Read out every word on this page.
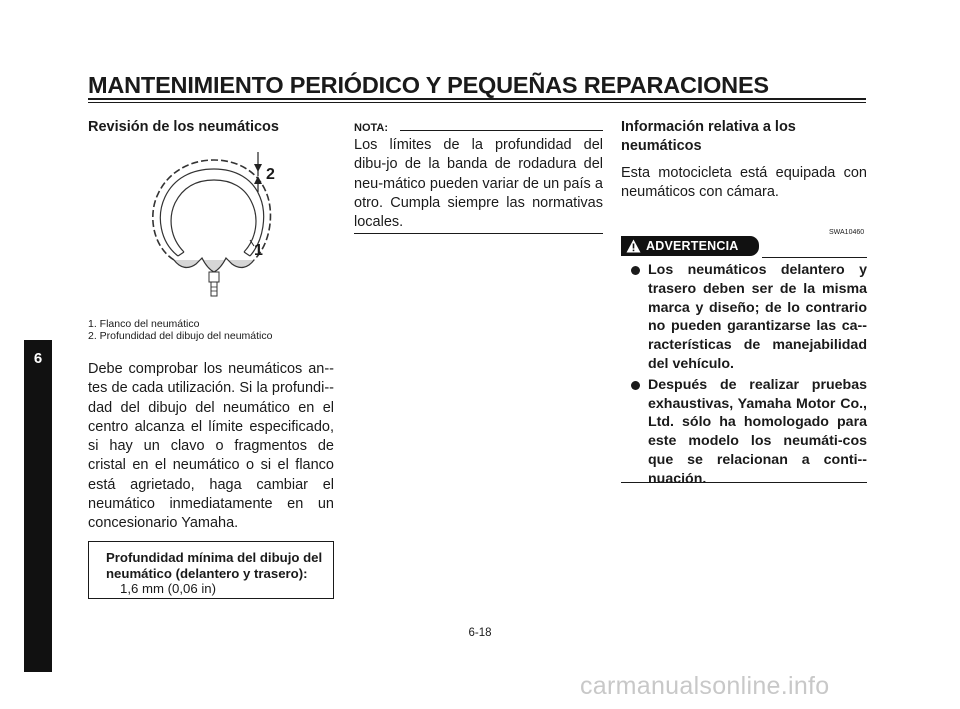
MANTENIMIENTO PERIÓDICO Y PEQUEÑAS REPARACIONES
6
Revisión de los neumáticos
2
1
1. Flanco del neumático
2. Profundidad del dibujo del neumático
Debe comprobar los neumáticos an-tes de cada utilización. Si la profundi-dad del dibujo del neumático en el centro alcanza el límite especificado, si hay un clavo o fragmentos de cristal en el neumático o si el flanco está agrietado, haga cambiar el neumático inmediatamente en un concesionario Yamaha.
Profundidad mínima del dibujo del
neumático (delantero y trasero):
1,6 mm (0,06 in)
NOTA:
Los límites de la profundidad del dibu-jo de la banda de rodadura del neu-mático pueden variar de un país a otro. Cumpla siempre las normativas locales.
Información relativa a los
neumáticos
Esta motocicleta está equipada con neumáticos con cámara.
SWA10460
ADVERTENCIA
Los neumáticos delantero y trasero deben ser de la misma marca y diseño; de lo contrario no pueden garantizarse las ca-racterísticas de manejabilidad del vehículo.
Después de realizar pruebas exhaustivas, Yamaha Motor Co., Ltd. sólo ha homologado para este modelo los neumáti-cos que se relacionan a conti-nuación.
6-18
carmanualsonline.info
